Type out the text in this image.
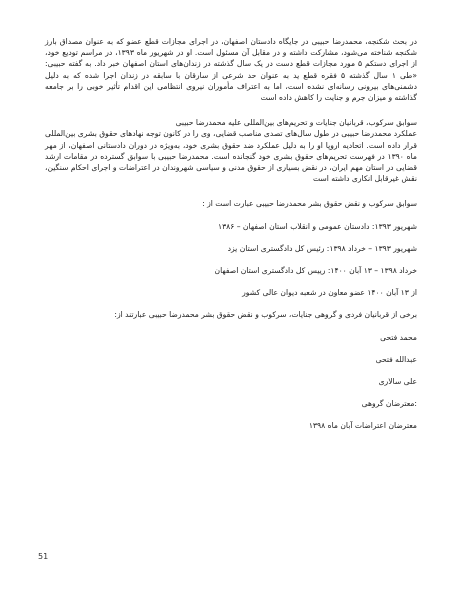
در بحث شکنجه، محمدرضا حبیبی در جایگاه دادستان اصفهان، در اجرای مجازات قطع عضو که به عنوان مصداق بارز شکنجه شناخته می‌شود، مشارکت داشته و در مقابل آن مسئول است. او در شهریور ماه ۱۳۹۳، در مراسم تودیع خود، از اجرای دستکم ۵ مورد مجازات قطع دست در یک سال گذشته در زندان‌های استان اصفهان خبر داد. به گفته حبیبی: «طی ۱ سال گذشته ۵ فقره قطع ید به عنوان حد شرعی از سارقان با سابقه در زندان اجرا شده که به دلیل دشمنی‌های بیرونی رسانه‌ای نشده است، اما به اعتراف مأموران نیروی انتظامی این اقدام تأثیر خوبی را بر جامعه گذاشته و میزان جرم و جنایت را کاهش داده است

سوابق سرکوب، قربانیان جنایات و تحریم‌های بین‌المللی علیه محمدرضا حبیبی

عملکرد محمدرضا حبیبی در طول سال‌های تصدی مناصب قضایی، وی را در کانون توجه نهادهای حقوق بشری بین‌المللی قرار داده است. اتحادیه اروپا او را به دلیل عملکرد ضد حقوق بشری خود، به‌ویژه در دوران دادستانی اصفهان، از مهر ماه ۱۳۹۰ در فهرست تحریم‌های حقوق بشری خود گنجانده است. محمدرضا حبیبی با سوابق گسترده در مقامات ارشد قضایی در استان مهم ایران، در نقض بسیاری از حقوق مدنی و سیاسی شهروندان در اعتراضات و اجرای احکام سنگین، نقش غیرقابل انکاری داشته است

سوابق سرکوب و نقض حقوق بشر محمدرضا حبیبی عبارت است از :

شهریور ۱۳۹۳: دادستان عمومی و انقلاب استان اصفهان – ۱۳۸۶

شهریور ۱۳۹۳ – خرداد ۱۳۹۸: رئیس کل دادگستری استان یزد

خرداد ۱۳۹۸ – ۱۳ آبان ۱۴۰۰: رییس کل دادگستری استان اصفهان

از ۱۳ آبان ۱۴۰۰ عضو معاون در شعبه دیوان عالی کشور

برخی از قربانیان فردی و گروهی جنایات، سرکوب و نقض حقوق بشر محمدرضا حبیبی عبارتند از:

محمد فتحی

عبدالله فتحی

علی سالاری

:معترضان گروهی

معترضان اعتراضات آبان ماه ۱۳۹۸

51
